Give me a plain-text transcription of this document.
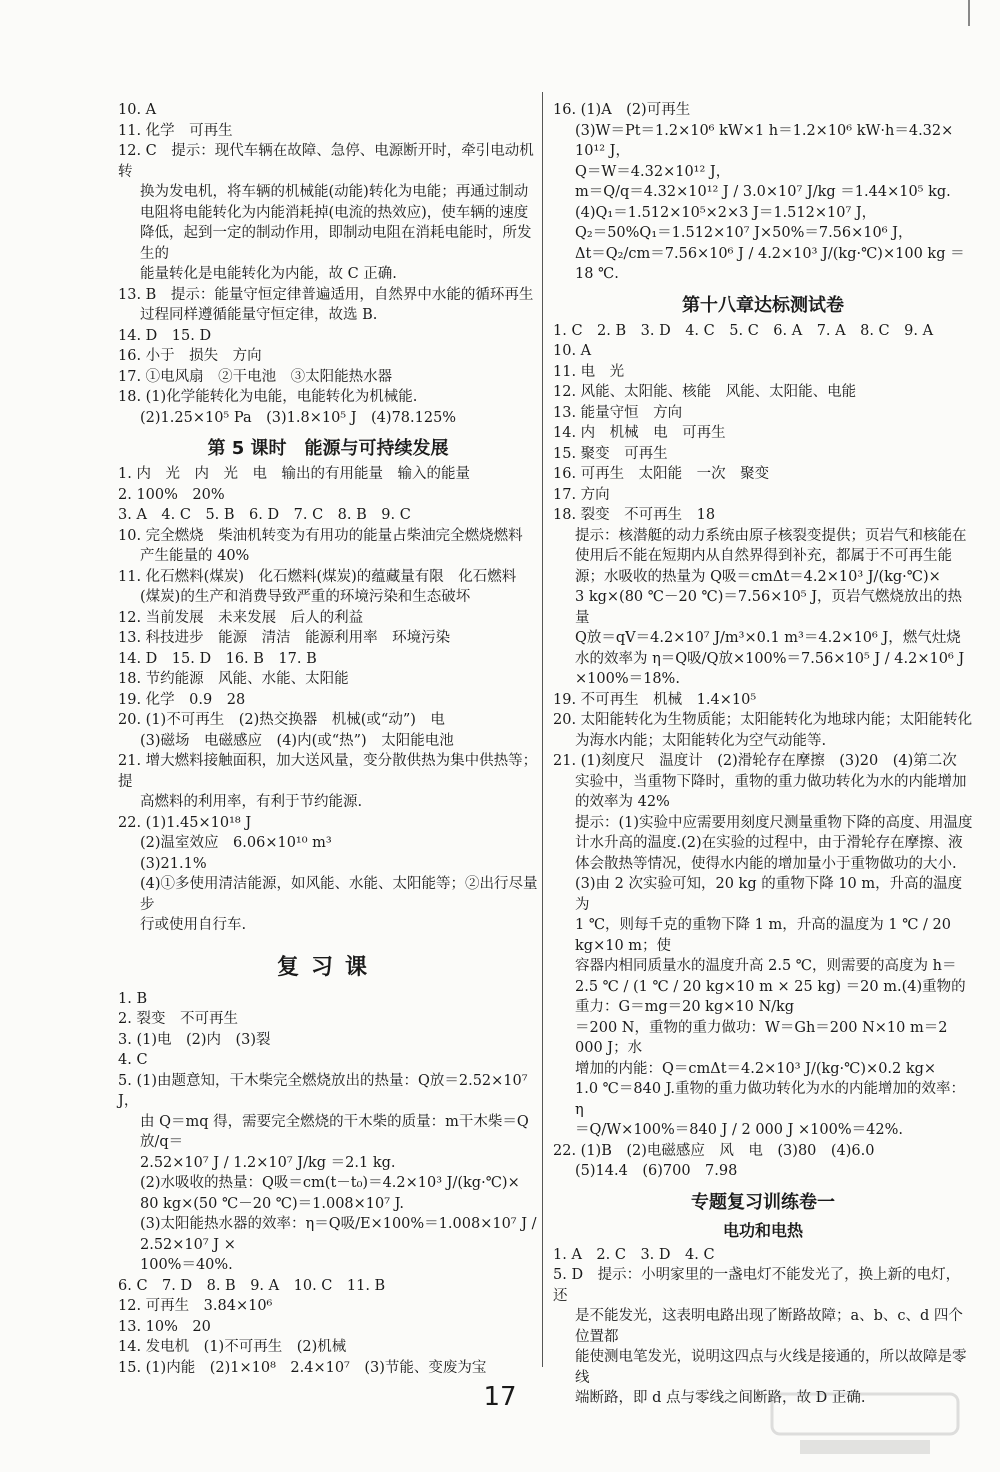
10. A

11. 化学　可再生

12. C　提示：现代车辆在故障、急停、电源断开时，牵引电动机转

换为发电机，将车辆的机械能(动能)转化为电能；再通过制动

电阻将电能转化为内能消耗掉(电流的热效应)，使车辆的速度

降低，起到一定的制动作用，即制动电阻在消耗电能时，所发生的

能量转化是电能转化为内能，故 C 正确.

13. B　提示：能量守恒定律普遍适用，自然界中水能的循环再生

过程同样遵循能量守恒定律，故选 B.

14. D　15. D

16. 小于　损失　方向

17. ①电风扇　②干电池　③太阳能热水器

18. (1)化学能转化为电能，电能转化为机械能.

(2)1.25×10⁵ Pa　(3)1.8×10⁵ J　(4)78.125%

第 5 课时　能源与可持续发展

1. 内　光　内　光　电　输出的有用能量　输入的能量

2. 100%　20%

3. A　4. C　5. B　6. D　7. C　8. B　9. C

10. 完全燃烧　柴油机转变为有用功的能量占柴油完全燃烧燃料

产生能量的 40%

11. 化石燃料(煤炭)　化石燃料(煤炭)的蕴藏量有限　化石燃料

(煤炭)的生产和消费导致严重的环境污染和生态破坏

12. 当前发展　未来发展　后人的利益

13. 科技进步　能源　清洁　能源利用率　环境污染

14. D　15. D　16. B　17. B

18. 节约能源　风能、水能、太阳能

19. 化学　0.9　28

20. (1)不可再生　(2)热交换器　机械(或“动”)　电

(3)磁场　电磁感应　(4)内(或“热”)　太阳能电池

21. 增大燃料接触面积，加大送风量，变分散供热为集中供热等；提

高燃料的利用率，有利于节约能源.

22. (1)1.45×10¹⁸ J

(2)温室效应　6.06×10¹⁰ m³

(3)21.1%

(4)①多使用清洁能源，如风能、水能、太阳能等；②出行尽量步

行或使用自行车.

复习课

1. B

2. 裂变　不可再生

3. (1)电　(2)内　(3)裂

4. C

5. (1)由题意知，干木柴完全燃烧放出的热量：Q放＝2.52×10⁷ J，

由 Q＝mq 得，需要完全燃烧的干木柴的质量：m干木柴＝Q放/q＝

2.52×10⁷ J / 1.2×10⁷ J/kg ＝2.1 kg.

(2)水吸收的热量：Q吸＝cm(t－t₀)＝4.2×10³ J/(kg·℃)×

80 kg×(50 ℃－20 ℃)＝1.008×10⁷ J.

(3)太阳能热水器的效率：η＝Q吸/E×100%＝1.008×10⁷ J / 2.52×10⁷ J ×

100%＝40%.

6. C　7. D　8. B　9. A　10. C　11. B

12. 可再生　3.84×10⁶

13. 10%　20

14. 发电机　(1)不可再生　(2)机械

15. (1)内能　(2)1×10⁸　2.4×10⁷　(3)节能、变废为宝

16. (1)A　(2)可再生

(3)W＝Pt＝1.2×10⁶ kW×1 h＝1.2×10⁶ kW·h＝4.32×

10¹² J，

Q＝W＝4.32×10¹² J，

m＝Q/q＝4.32×10¹² J / 3.0×10⁷ J/kg ＝1.44×10⁵ kg.

(4)Q₁＝1.512×10⁵×2×3 J＝1.512×10⁷ J，

Q₂＝50%Q₁＝1.512×10⁷ J×50%＝7.56×10⁶ J，

Δt＝Q₂/cm＝7.56×10⁶ J / 4.2×10³ J/(kg·℃)×100 kg ＝18 ℃.

第十八章达标测试卷

1. C　2. B　3. D　4. C　5. C　6. A　7. A　8. C　9. A

10. A

11. 电　光

12. 风能、太阳能、核能　风能、太阳能、电能

13. 能量守恒　方向

14. 内　机械　电　可再生

15. 聚变　可再生

16. 可再生　太阳能　一次　聚变

17. 方向

18. 裂变　不可再生　18

提示：核潜艇的动力系统由原子核裂变提供；页岩气和核能在

使用后不能在短期内从自然界得到补充，都属于不可再生能

源；水吸收的热量为 Q吸＝cmΔt＝4.2×10³ J/(kg·℃)×

3 kg×(80 ℃－20 ℃)＝7.56×10⁵ J，页岩气燃烧放出的热量

Q放＝qV＝4.2×10⁷ J/m³×0.1 m³＝4.2×10⁶ J，燃气灶烧

水的效率为 η＝Q吸/Q放×100%＝7.56×10⁵ J / 4.2×10⁶ J ×100%＝18%.

19. 不可再生　机械　1.4×10⁵

20. 太阳能转化为生物质能；太阳能转化为地球内能；太阳能转化

为海水内能；太阳能转化为空气动能等.

21. (1)刻度尺　温度计　(2)滑轮存在摩擦　(3)20　(4)第二次

实验中，当重物下降时，重物的重力做功转化为水的内能增加

的效率为 42%

提示：(1)实验中应需要用刻度尺测量重物下降的高度、用温度

计水升高的温度.(2)在实验的过程中，由于滑轮存在摩擦、液

体会散热等情况，使得水内能的增加量小于重物做功的大小.

(3)由 2 次实验可知，20 kg 的重物下降 10 m，升高的温度为

1 ℃，则每千克的重物下降 1 m，升高的温度为 1 ℃ / 20 kg×10 m；使

容器内相同质量水的温度升高 2.5 ℃，则需要的高度为 h＝

2.5 ℃ / (1 ℃ / 20 kg×10 m × 25 kg) ＝20 m.(4)重物的重力：G＝mg＝20 kg×10 N/kg

＝200 N，重物的重力做功：W＝Gh＝200 N×10 m＝2 000 J；水

增加的内能：Q＝cmΔt＝4.2×10³ J/(kg·℃)×0.2 kg×

1.0 ℃＝840 J.重物的重力做功转化为水的内能增加的效率：η

＝Q/W×100%＝840 J / 2 000 J ×100%＝42%.

22. (1)B　(2)电磁感应　风　电　(3)80　(4)6.0

(5)14.4　(6)700　7.98

专题复习训练卷一
电功和电热

1. A　2. C　3. D　4. C

5. D　提示：小明家里的一盏电灯不能发光了，换上新的电灯，还

是不能发光，这表明电路出现了断路故障；a、b、c、d 四个位置都

能使测电笔发光，说明这四点与火线是接通的，所以故障是零线

端断路，即 d 点与零线之间断路，故 D 正确.

17
